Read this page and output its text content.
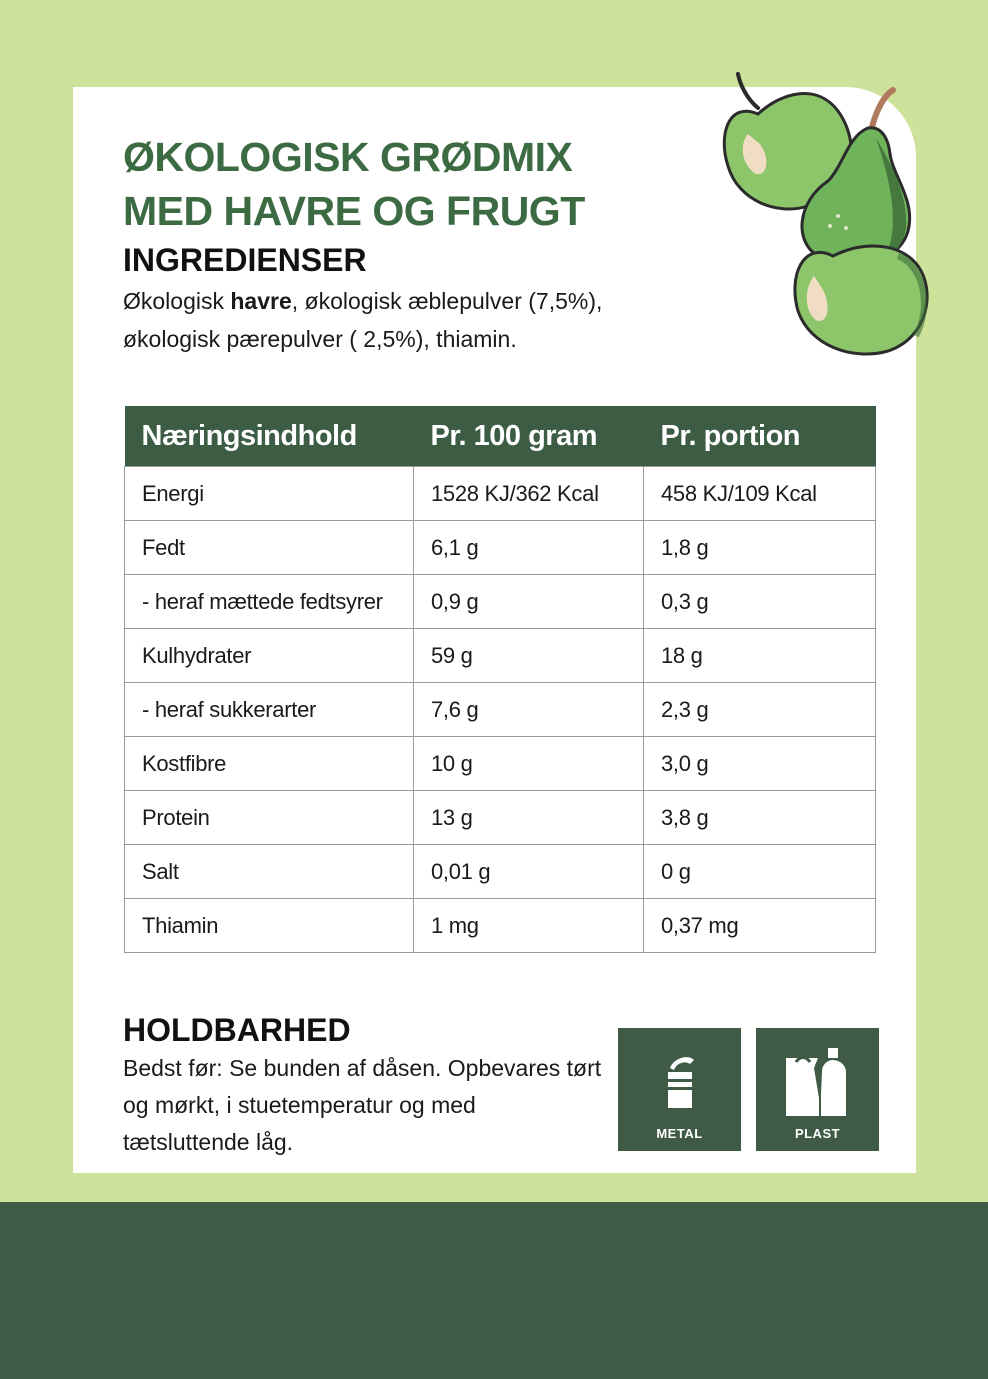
ØKOLOGISK GRØDMIX
MED HAVRE OG FRUGT
INGREDIENSER

Økologisk havre, økologisk æblepulver (7,5%), økologisk pærepulver ( 2,5%), thiamin.

Næringsindhold	Pr. 100 gram	Pr. portion
Energi	1528 KJ/362 Kcal	458 KJ/109 Kcal
Fedt	6,1 g	1,8 g
- heraf mættede fedtsyrer	0,9 g	0,3 g
Kulhydrater	59 g	18 g
- heraf sukkerarter	7,6 g	2,3 g
Kostfibre	10 g	3,0 g
Protein	13 g	3,8 g
Salt	0,01 g	0 g
Thiamin	1 mg	0,37 mg
HOLDBARHED

Bedst før: Se bunden af dåsen. Opbevares tørt og mørkt, i stuetemperatur og med tætsluttende låg.	METAL	PLAST
